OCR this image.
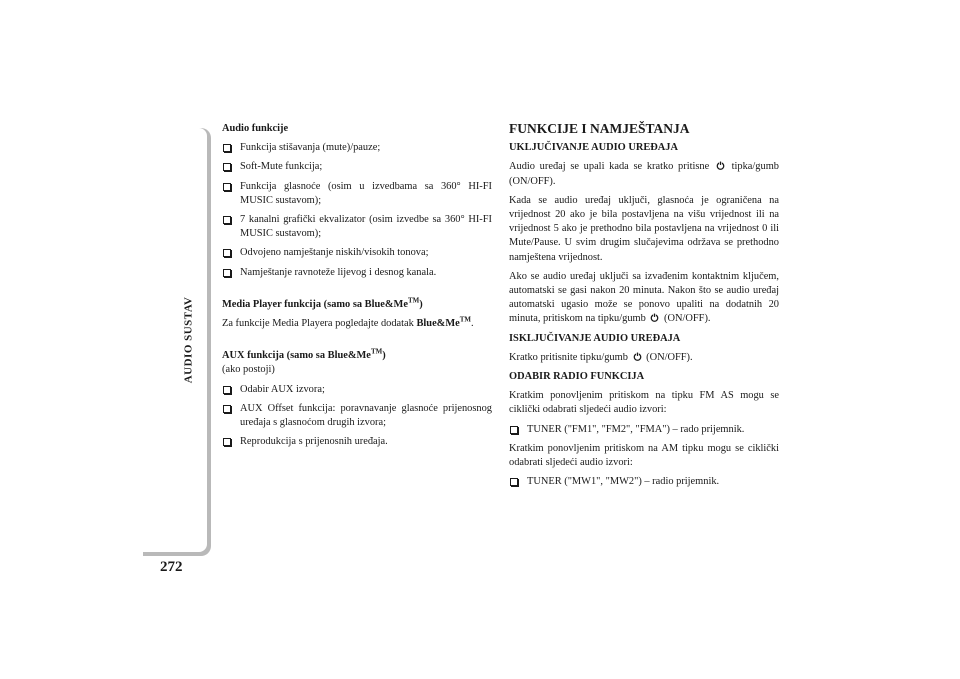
AUDIO SUSTAV
272

Audio funkcije

Funkcija stišavanja (mute)/pauze;
Soft-Mute funkcija;
Funkcija glasnoće (osim u izvedbama sa 360° HI-FI MUSIC sustavom);
7 kanalni grafički ekvalizator (osim izvedbe sa 360° HI-FI MUSIC sustavom);
Odvojeno namještanje niskih/visokih tonova;
Namještanje ravnoteže lijevog i desnog kanala.

Media Player funkcija (samo sa Blue&Me™)

Za funkcije Media Playera pogledajte dodatak Blue&Me™.

AUX funkcija (samo sa Blue&Me™)

(ako postoji)

Odabir AUX izvora;
AUX Offset funkcija: poravnavanje glasnoće prijenosnog uređaja s glasnoćom drugih izvora;
Reprodukcija s prijenosnih uređaja.

FUNKCIJE I NAMJEŠTANJA

UKLJUČIVANJE AUDIO UREĐAJA

Audio uređaj se upali kada se kratko pritisne tipka/gumb (ON/OFF).

Kada se audio uređaj uključi, glasnoća je ograničena na vrijednost 20 ako je bila postavljena na višu vrijednost ili na vrijednost 5 ako je prethodno bila postavljena na vrijednost 0 ili Mute/Pause. U svim drugim slučajevima održava se prethodno namještena vrijednost.

Ako se audio uređaj uključi sa izvađenim kontaktnim ključem, automatski se gasi nakon 20 minuta. Nakon što se audio uređaj automatski ugasio može se ponovo upaliti na dodatnih 20 minuta, pritiskom na tipku/gumb (ON/OFF).

ISKLJUČIVANJE AUDIO UREĐAJA

Kratko pritisnite tipku/gumb (ON/OFF).

ODABIR RADIO FUNKCIJA

Kratkim ponovljenim pritiskom na tipku FM AS mogu se ciklički odabrati sljedeći audio izvori:

TUNER ("FM1", "FM2", "FMA") – rado prijemnik.

Kratkim ponovljenim pritiskom na AM tipku mogu se ciklički odabrati sljedeći audio izvori:

TUNER ("MW1", "MW2") – radio prijemnik.
